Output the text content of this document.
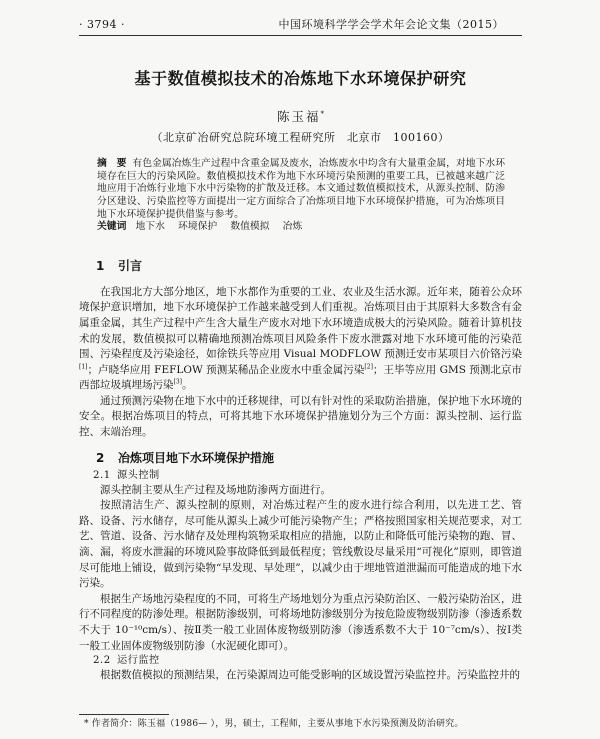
· 3794 ·	中国环境科学学会学术年会论文集（2015）
基于数值模拟技术的冶炼地下水环境保护研究
陈玉福*
（北京矿冶研究总院环境工程研究所　北京市　100160）
摘　要 有色金属冶炼生产过程中含重金属及废水，冶炼废水中均含有大量重金属，对地下水环境存在巨大的污染风险。数值模拟技术作为地下水环境污染预测的重要工具，已被越来越广泛地应用于冶炼行业地下水中污染物的扩散及迁移。本文通过数值模拟技术，从源头控制、防渗分区建设、污染监控等方面提出一定方面综合了冶炼项目地下水环境保护措施，可为冶炼项目地下水环境保护提供借鉴与参考。
关键词 地下水 环境保护 数值模拟 冶炼
1 引言

在我国北方大部分地区，地下水都作为重要的工业、农业及生活水源。近年来，随着公众环境保护意识增加，地下水环境保护工作越来越受到人们重视。冶炼项目由于其原料大多数含有金属重金属，其生产过程中产生含大量生产废水对地下水环境造成极大的污染风险。随着计算机技术的发展，数值模拟可以精确地预测冶炼项目风险条件下废水泄露对地下水环境可能的污染范围、污染程度及污染途径，如徐铁兵等应用 Visual MODFLOW 预测迁安市某项目六价铬污染[1]；卢晓华应用 FEFLOW 预测某稀品企业废水中重金属污染[2]；王毕等应用 GMS 预测北京市西部垃圾填埋场污染[3]。

通过预测污染物在地下水中的迁移规律，可以有针对性的采取防治措施，保护地下水环境的安全。根据冶炼项目的特点，可将其地下水环境保护措施划分为三个方面：源头控制、运行监控、末端治理。

2 冶炼项目地下水环境保护措施
2.1 源头控制

源头控制主要从生产过程及场地防渗两方面进行。

按照清洁生产、源头控制的原则，对冶炼过程产生的废水进行综合利用，以先进工艺、管路、设备、污水储存，尽可能从源头上减少可能污染物产生；严格按照国家相关规范要求，对工艺、管道、设备、污水储存及处理构筑物采取相应的措施，以防止和降低可能污染物的跑、冒、滴、漏，将废水泄漏的环境风险事故降低到最低程度；管线敷设尽量采用“可视化”原则，即管道尽可能地上铺设，做到污染物“早发现、早处理”，以减少由于埋地管道泄漏而可能造成的地下水污染。

根据生产场地污染程度的不同，可将生产场地划分为重点污染防治区、一般污染防治区，进行不同程度的防渗处理。根据防渗级别，可将场地防渗级别分为按危险废物级别防渗（渗透系数不大于 10⁻¹⁰cm/s）、按Ⅱ类一般工业固体废物级别防渗（渗透系数不大于 10⁻⁷cm/s）、按Ⅰ类一般工业固体废物级别防渗（水泥硬化即可）。

2.2 运行监控

根据数值模拟的预测结果，在污染源周边可能受影响的区域设置污染监控井。污染监控井的

* 作者简介：陈玉福（1986— ），男，硕士，工程师，主要从事地下水污染预测及防治研究。
